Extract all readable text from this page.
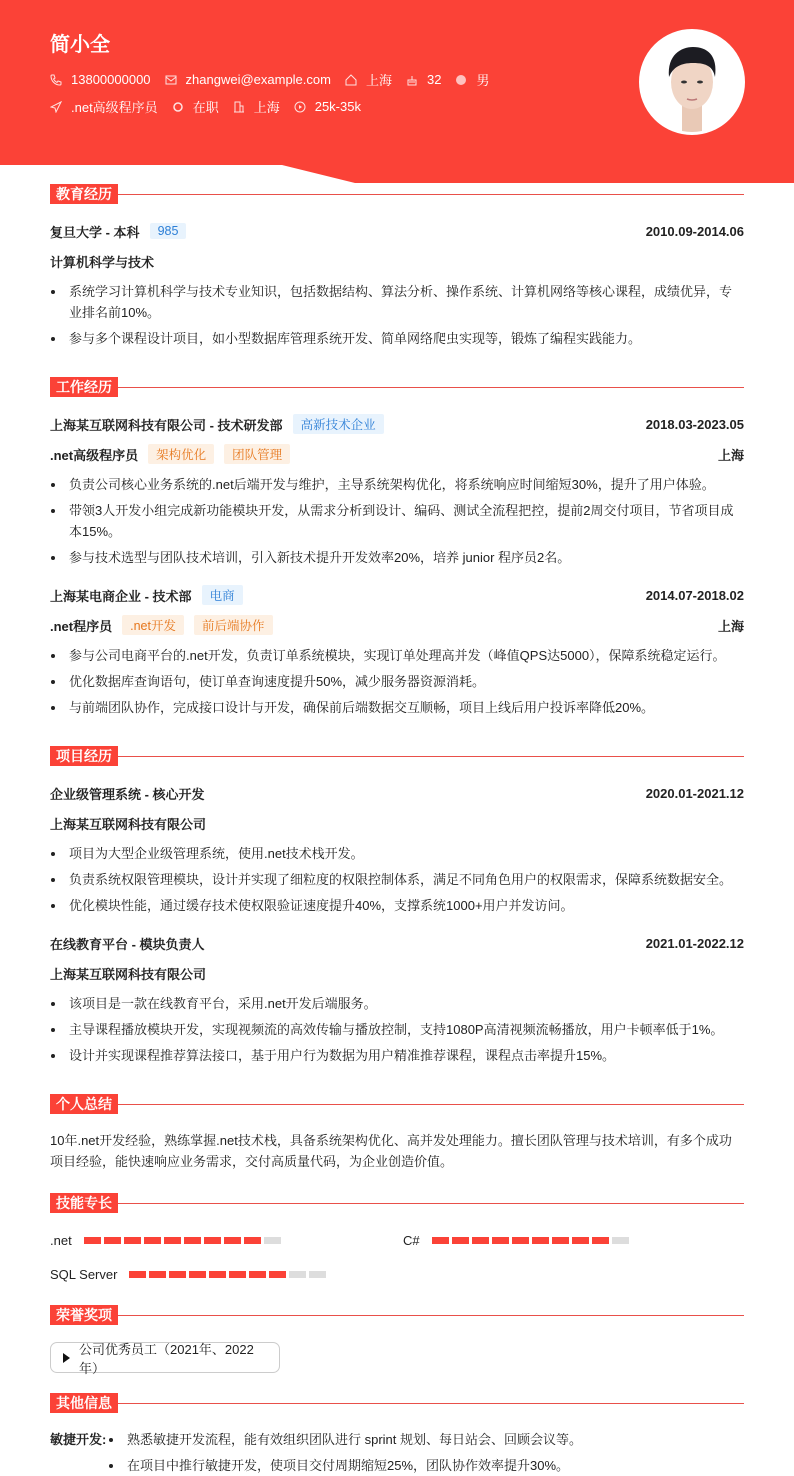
简小全
13800000000	zhangwei@example.com	上海	32	男
.net高级程序员	在职	上海	25k-35k
教育经历
复旦大学 - 本科	985	2010.09-2014.06
计算机科学与技术
系统学习计算机科学与技术专业知识，包括数据结构、算法分析、操作系统、计算机网络等核心课程，成绩优异，专业排名前10%。
参与多个课程设计项目，如小型数据库管理系统开发、简单网络爬虫实现等，锻炼了编程实践能力。
工作经历
上海某互联网科技有限公司 - 技术研发部	高新技术企业	2018.03-2023.05
.net高级程序员	架构优化	团队管理	上海
负责公司核心业务系统的.net后端开发与维护，主导系统架构优化，将系统响应时间缩短30%，提升了用户体验。
带领3人开发小组完成新功能模块开发，从需求分析到设计、编码、测试全流程把控，提前2周交付项目，节省项目成本15%。
参与技术选型与团队技术培训，引入新技术提升开发效率20%，培养 junior 程序员2名。
上海某电商企业 - 技术部	电商	2014.07-2018.02
.net程序员	.net开发	前后端协作	上海
参与公司电商平台的.net开发，负责订单系统模块，实现订单处理高并发（峰值QPS达5000），保障系统稳定运行。
优化数据库查询语句，使订单查询速度提升50%，减少服务器资源消耗。
与前端团队协作，完成接口设计与开发，确保前后端数据交互顺畅，项目上线后用户投诉率降低20%。
项目经历
企业级管理系统 - 核心开发	2020.01-2021.12
上海某互联网科技有限公司
项目为大型企业级管理系统，使用.net技术栈开发。
负责系统权限管理模块，设计并实现了细粒度的权限控制体系，满足不同角色用户的权限需求，保障系统数据安全。
优化模块性能，通过缓存技术使权限验证速度提升40%，支撑系统1000+用户并发访问。
在线教育平台 - 模块负责人	2021.01-2022.12
上海某互联网科技有限公司
该项目是一款在线教育平台，采用.net开发后端服务。
主导课程播放模块开发，实现视频流的高效传输与播放控制，支持1080P高清视频流畅播放，用户卡顿率低于1%。
设计并实现课程推荐算法接口，基于用户行为数据为用户精准推荐课程，课程点击率提升15%。
个人总结

10年.net开发经验，熟练掌握.net技术栈，具备系统架构优化、高并发处理能力。擅长团队管理与技术培训，有多个成功项目经验，能快速响应业务需求，交付高质量代码，为企业创造价值。

技能专长
.net	C#
SQL Server
荣誉奖项
公司优秀员工（2021年、2022年）
其他信息
敏捷开发:	熟悉敏捷开发流程，能有效组织团队进行 sprint 规划、每日站会、回顾会议等。
在项目中推行敏捷开发，使项目交付周期缩短25%，团队协作效率提升30%。
